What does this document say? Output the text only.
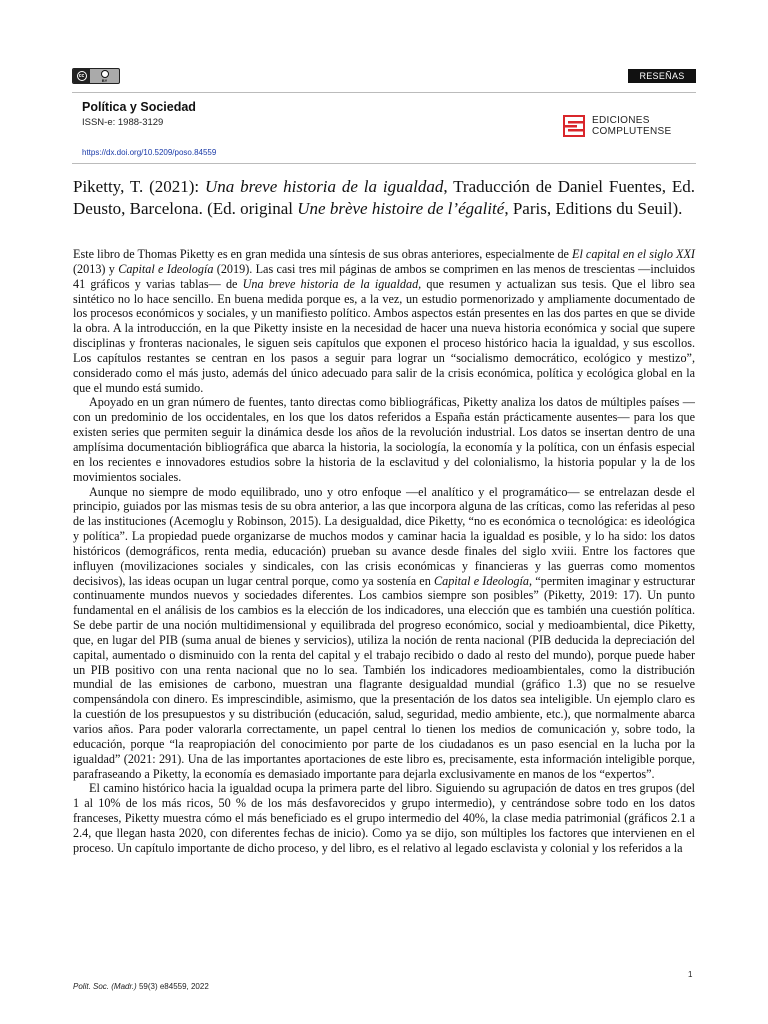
cc
BY	RESEÑAS
Política y Sociedad
ISSN-e: 1988-3129
https://dx.doi.org/10.5209/poso.84559
EDICIONES
COMPLUTENSE
Piketty, T. (2021): Una breve historia de la igualdad, Traducción de Daniel Fuentes, Ed. Deusto, Barcelona. (Ed. original Une brève histoire de l’égalité, Paris, Editions du Seuil).

Este libro de Thomas Piketty es en gran medida una síntesis de sus obras anteriores, especialmente de El capital en el siglo XXI (2013) y Capital e Ideología (2019). Las casi tres mil páginas de ambos se comprimen en las menos de trescientas —incluidos 41 gráficos y varias tablas— de Una breve historia de la igualdad, que resumen y actualizan sus tesis. Que el libro sea sintético no lo hace sencillo. En buena medida porque es, a la vez, un estudio pormenorizado y ampliamente documentado de los procesos económicos y sociales, y un manifiesto político. Ambos aspectos están presentes en las dos partes en que se divide la obra. A la introducción, en la que Piketty insiste en la necesidad de hacer una nueva historia económica y social que supere disciplinas y fronteras nacionales, le siguen seis capítulos que exponen el proceso histórico hacia la igualdad, y sus escollos. Los capítulos restantes se centran en los pasos a seguir para lograr un “socialismo democrático, ecológico y mestizo”, considerado como el más justo, además del único adecuado para salir de la crisis económica, política y ecológica global en la que el mundo está sumido.

Apoyado en un gran número de fuentes, tanto directas como bibliográficas, Piketty analiza los datos de múltiples países —con un predominio de los occidentales, en los que los datos referidos a España están prácticamente ausentes— para los que existen series que permiten seguir la dinámica desde los años de la revolución industrial. Los datos se insertan dentro de una amplísima documentación bibliográfica que abarca la historia, la sociología, la economía y la política, con un énfasis especial en los recientes e innovadores estudios sobre la historia de la esclavitud y del colonialismo, la historia popular y la de los movimientos sociales.

Aunque no siempre de modo equilibrado, uno y otro enfoque —el analítico y el programático— se entrelazan desde el principio, guiados por las mismas tesis de su obra anterior, a las que incorpora alguna de las críticas, como las referidas al peso de las instituciones (Acemoglu y Robinson, 2015). La desigualdad, dice Piketty, “no es económica o tecnológica: es ideológica y política”. La propiedad puede organizarse de muchos modos y caminar hacia la igualdad es posible, y lo ha sido: los datos históricos (demográficos, renta media, educación) prueban su avance desde finales del siglo xviii. Entre los factores que influyen (movilizaciones sociales y sindicales, con las crisis económicas y financieras y las guerras como momentos decisivos), las ideas ocupan un lugar central porque, como ya sostenía en Capital e Ideología, “permiten imaginar y estructurar continuamente mundos nuevos y sociedades diferentes. Los cambios siempre son posibles” (Piketty, 2019: 17). Un punto fundamental en el análisis de los cambios es la elección de los indicadores, una elección que es también una cuestión política. Se debe partir de una noción multidimensional y equilibrada del progreso económico, social y medioambiental, dice Piketty, que, en lugar del PIB (suma anual de bienes y servicios), utiliza la noción de renta nacional (PIB deducida la depreciación del capital, aumentado o disminuido con la renta del capital y el trabajo recibido o dado al resto del mundo), porque puede haber un PIB positivo con una renta nacional que no lo sea. También los indicadores medioambientales, como la distribución mundial de las emisiones de carbono, muestran una flagrante desigualdad mundial (gráfico 1.3) que no se resuelve compensándola con dinero. Es imprescindible, asimismo, que la presentación de los datos sea inteligible. Un ejemplo claro es la cuestión de los presupuestos y su distribución (educación, salud, seguridad, medio ambiente, etc.), que normalmente abarca varios años. Para poder valorarla correctamente, un papel central lo tienen los medios de comunicación y, sobre todo, la educación, porque “la reapropiación del conocimiento por parte de los ciudadanos es un paso esencial en la lucha por la igualdad” (2021: 291). Una de las importantes aportaciones de este libro es, precisamente, esta información inteligible porque, parafraseando a Piketty, la economía es demasiado importante para dejarla exclusivamente en manos de los “expertos”.

El camino histórico hacia la igualdad ocupa la primera parte del libro. Siguiendo su agrupación de datos en tres grupos (del 1 al 10% de los más ricos, 50 % de los más desfavorecidos y grupo intermedio), y centrándose sobre todo en los datos franceses, Piketty muestra cómo el más beneficiado es el grupo intermedio del 40%, la clase media patrimonial (gráficos 2.1 a 2.4, que llegan hasta 2020, con diferentes fechas de inicio). Como ya se dijo, son múltiples los factores que intervienen en el proceso. Un capítulo importante de dicho proceso, y del libro, es el relativo al legado esclavista y colonial y los referidos a la

1
Polit. Soc. (Madr.) 59(3) e84559, 2022
